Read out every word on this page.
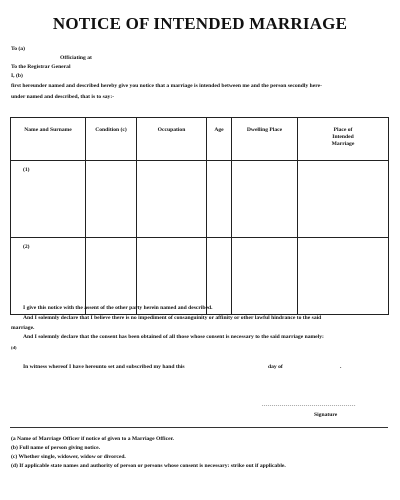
NOTICE OF INTENDED MARRIAGE
To (a)
Officiating at
To the Registrar General
I, (b)
first hereunder named and described hereby give you notice that a marriage is intended between me and the person secondly here-
under named and described, that is to say:-
Name and Surname	Condition (c)	Occupation	Age	Dwelling Place	Place of
Intended
Marriage

(1)					
(2)					
I give this notice with the assent of the other party herein named and described.
And I solemnly declare that I believe there is no impediment of consanguinity or affinity or other lawful hindrance to the said
marriage.
And I solemnly declare that the consent has been obtained of all those whose consent is necessary to the said marriage namely:
(d)
In witness whereof I have hereunto set and subscribed my hand this	day of	.
...............................................
Signature
(a Name of Marriage Officer if notice of given to a Marriage Officer.
(b) Full name of person giving notice.
(c) Whether single, widower, widow or divorced.
(d) If applicable state names and authority of person or persons whose consent is necessary: strike out if applicable.
